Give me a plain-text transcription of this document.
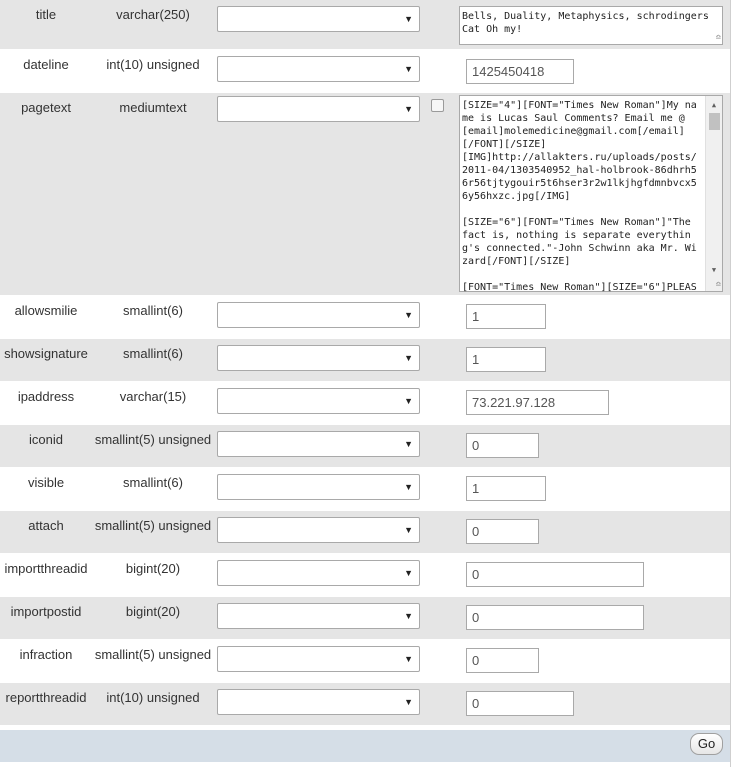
title	varchar(250)	▼	Bells, Duality, Metaphysics, schrodingers Cat Oh my!
≏
dateline	int(10) unsigned	▼	1425450418
pagetext	mediumtext	▼	[SIZE="4"][FONT="Times New Roman"]My name is Lucas Saul Comments? Email me @ [email]molemedicine@gmail.com[/email]
[/FONT][/SIZE]
[IMG]http://allakters.ru/uploads/posts/2011-04/1303540952_hal-holbrook-86dhrh56r56tjtygouir5t6hser3r2w1lkjhgfdmnbvcx56y56hxzc.jpg[/IMG]

[SIZE="6"][FONT="Times New Roman"]"The fact is, nothing is separate everything's connected."-John Schwinn aka Mr. Wizard[/FONT][/SIZE]

[FONT="Times New Roman"][SIZE="6"]PLEAS
▲
▼
≏
allowsmilie	smallint(6)	▼	1
showsignature	smallint(6)	▼	1
ipaddress	varchar(15)	▼	73.221.97.128
iconid	smallint(5) unsigned	▼	0
visible	smallint(6)	▼	1
attach	smallint(5) unsigned	▼	0
importthreadid	bigint(20)	▼	0
importpostid	bigint(20)	▼	0
infraction	smallint(5) unsigned	▼	0
reportthreadid	int(10) unsigned	▼	0
Go
